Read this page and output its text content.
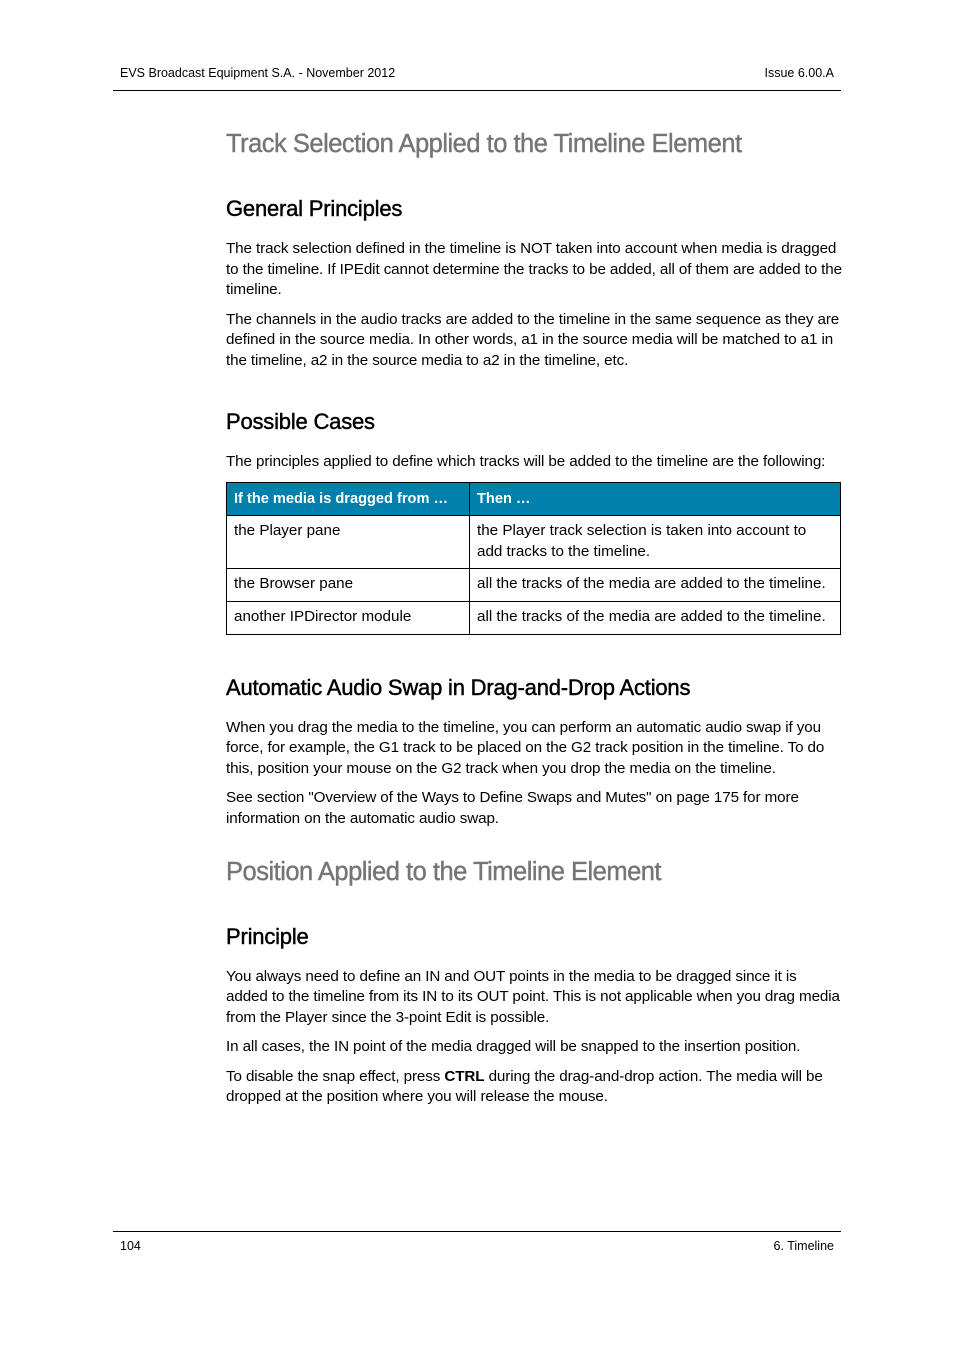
EVS Broadcast Equipment S.A. - November 2012	Issue 6.00.A
Track Selection Applied to the Timeline Element
General Principles

The track selection defined in the timeline is NOT taken into account when media is dragged to the timeline. If IPEdit cannot determine the tracks to be added, all of them are added to the timeline.

The channels in the audio tracks are added to the timeline in the same sequence as they are defined in the source media. In other words, a1 in the source media will be matched to a1 in the timeline, a2 in the source media to a2 in the timeline, etc.

Possible Cases

The principles applied to define which tracks will be added to the timeline are the following:

If the media is dragged from …	Then …
the Player pane	the Player track selection is taken into account to add tracks to the timeline.
the Browser pane	all the tracks of the media are added to the timeline.
another IPDirector module	all the tracks of the media are added to the timeline.
Automatic Audio Swap in Drag-and-Drop Actions

When you drag the media to the timeline, you can perform an automatic audio swap if you force, for example, the G1 track to be placed on the G2 track position in the timeline. To do this, position your mouse on the G2 track when you drop the media on the timeline.

See section "Overview of the Ways to Define Swaps and Mutes" on page 175 for more information on the automatic audio swap.

Position Applied to the Timeline Element
Principle

You always need to define an IN and OUT points in the media to be dragged since it is added to the timeline from its IN to its OUT point. This is not applicable when you drag media from the Player since the 3-point Edit is possible.

In all cases, the IN point of the media dragged will be snapped to the insertion position.

To disable the snap effect, press CTRL during the drag-and-drop action. The media will be dropped at the position where you will release the mouse.

104	6. Timeline
